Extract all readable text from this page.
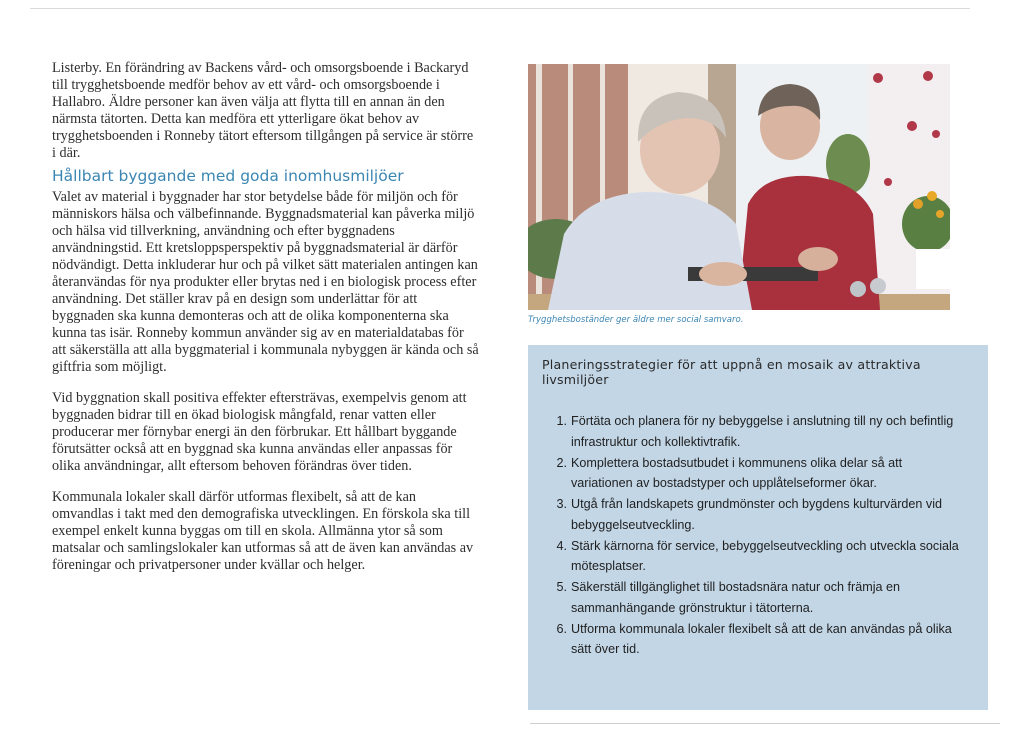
Listerby. En förändring av Backens vård- och omsorgsboende i Backaryd till trygghetsboende medför behov av ett vård- och omsorgsboende i Hallabro. Äldre personer kan även välja att flytta till en annan än den närmsta tätorten. Detta kan medföra ett ytterligare ökat behov av trygghetsboenden i Ronneby tätort eftersom tillgången på service är större i där.

Hållbart byggande med goda inomhusmiljöer

Valet av material i byggnader har stor betydelse både för miljön och för människors hälsa och välbefinnande. Byggnadsmaterial kan påverka miljö och hälsa vid tillverkning, användning och efter byggnadens användningstid. Ett kretsloppsperspektiv på byggnadsmaterial är därför nödvändigt. Detta inkluderar hur och på vilket sätt materialen antingen kan återanvändas för nya produkter eller brytas ned i en biologisk process efter användning. Det ställer krav på en design som underlättar för att byggnaden ska kunna demonteras och att de olika komponenterna ska kunna tas isär. Ronneby kommun använder sig av en materialdatabas för att säkerställa att alla byggmaterial i kommunala nybyggen är kända och så giftfria som möjligt.

Vid byggnation skall positiva effekter eftersträvas, exempelvis genom att byggnaden bidrar till en ökad biologisk mångfald, renar vatten eller producerar mer förnybar energi än den förbrukar. Ett hållbart byggande förutsätter också att en byggnad ska kunna användas eller anpassas för olika användningar, allt eftersom behoven förändras över tiden.

Kommunala lokaler skall därför utformas flexibelt, så att de kan omvandlas i takt med den demografiska utvecklingen. En förskola ska till exempel enkelt kunna byggas om till en skola. Allmänna ytor så som matsalar och samlingslokaler kan utformas så att de även kan användas av föreningar och privatpersoner under kvällar och helger.

Trygghetsboständer ger äldre mer social samvaro.
Planeringsstrategier för att uppnå en mosaik av attraktiva livsmiljöer
1. Förtäta och planera för ny bebyggelse i anslutning till ny och befintlig infrastruktur och kollektivtrafik.
2. Komplettera bostadsutbudet i kommunens olika delar så att variationen av bostadstyper och upplåtelseformer ökar.
3. Utgå från landskapets grundmönster och bygdens kulturvärden vid bebyggelseutveckling.
4. Stärk kärnorna för service, bebyggelseutveckling och utveckla sociala mötesplatser.
5. Säkerställ tillgänglighet till bostadsnära natur och främja en sammanhängande grönstruktur i tätorterna.
6. Utforma kommunala lokaler flexibelt så att de kan användas på olika sätt över tid.
